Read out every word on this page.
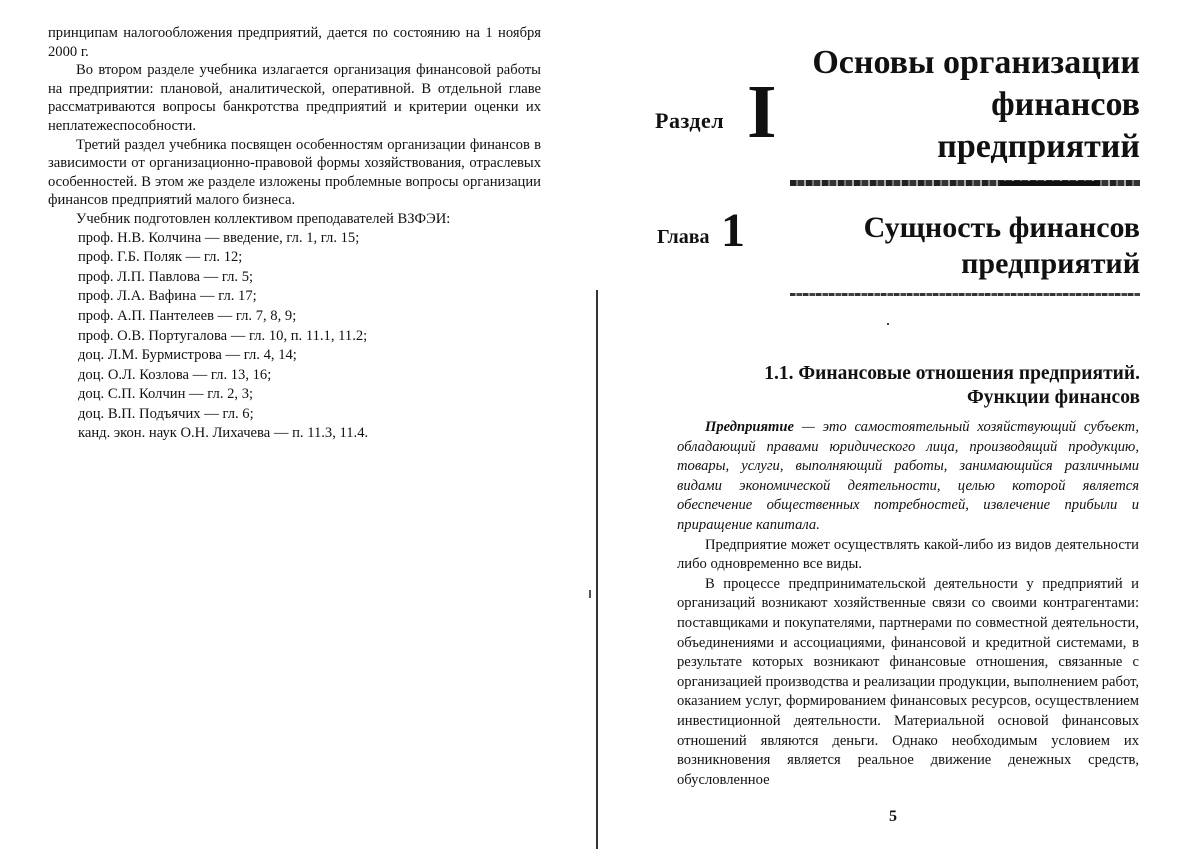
принципам налогообложения предприятий, дается по состоянию на 1 ноября 2000 г.

Во втором разделе учебника излагается организация финансовой работы на предприятии: плановой, аналитической, оперативной. В отдельной главе рассматриваются вопросы банкротства предприятий и критерии оценки их неплатежеспособности.

Третий раздел учебника посвящен особенностям организации финансов в зависимости от организационно-правовой формы хозяйствования, отраслевых особенностей. В этом же разделе изложены проблемные вопросы организации финансов предприятий малого бизнеса.

Учебник подготовлен коллективом преподавателей ВЗФЭИ:

проф. Н.В. Колчина — введение, гл. 1, гл. 15;
проф. Г.Б. Поляк — гл. 12;
проф. Л.П. Павлова — гл. 5;
проф. Л.А. Вафина — гл. 17;
проф. А.П. Пантелеев — гл. 7, 8, 9;
проф. О.В. Португалова — гл. 10, п. 11.1, 11.2;
доц. Л.М. Бурмистрова — гл. 4, 14;
доц. О.Л. Козлова — гл. 13, 16;
доц. С.П. Колчин — гл. 2, 3;
доц. В.П. Подъячих — гл. 6;
канд. экон. наук О.Н. Лихачева — п. 11.3, 11.4.
Раздел I
Основы организации финансов предприятий
Глава 1	Сущность финансов предприятий
1.1. Финансовые отношения предприятий.
Функции финансов

Предприятие — это самостоятельный хозяйствующий субъект, обладающий правами юридического лица, производящий продукцию, товары, услуги, выполняющий работы, занимающийся различными видами экономической деятельности, целью которой является обеспечение общественных потребностей, извлечение прибыли и приращение капитала.

Предприятие может осуществлять какой-либо из видов деятельности либо одновременно все виды.

В процессе предпринимательской деятельности у предприятий и организаций возникают хозяйственные связи со своими контрагентами: поставщиками и покупателями, партнерами по совместной деятельности, объединениями и ассоциациями, финансовой и кредитной системами, в результате которых возникают финансовые отношения, связанные с организацией производства и реализации продукции, выполнением работ, оказанием услуг, формированием финансовых ресурсов, осуществлением инвестиционной деятельности. Материальной основой финансовых отношений являются деньги. Однако необходимым условием их возникновения является реальное движение денежных средств, обусловленное

5
